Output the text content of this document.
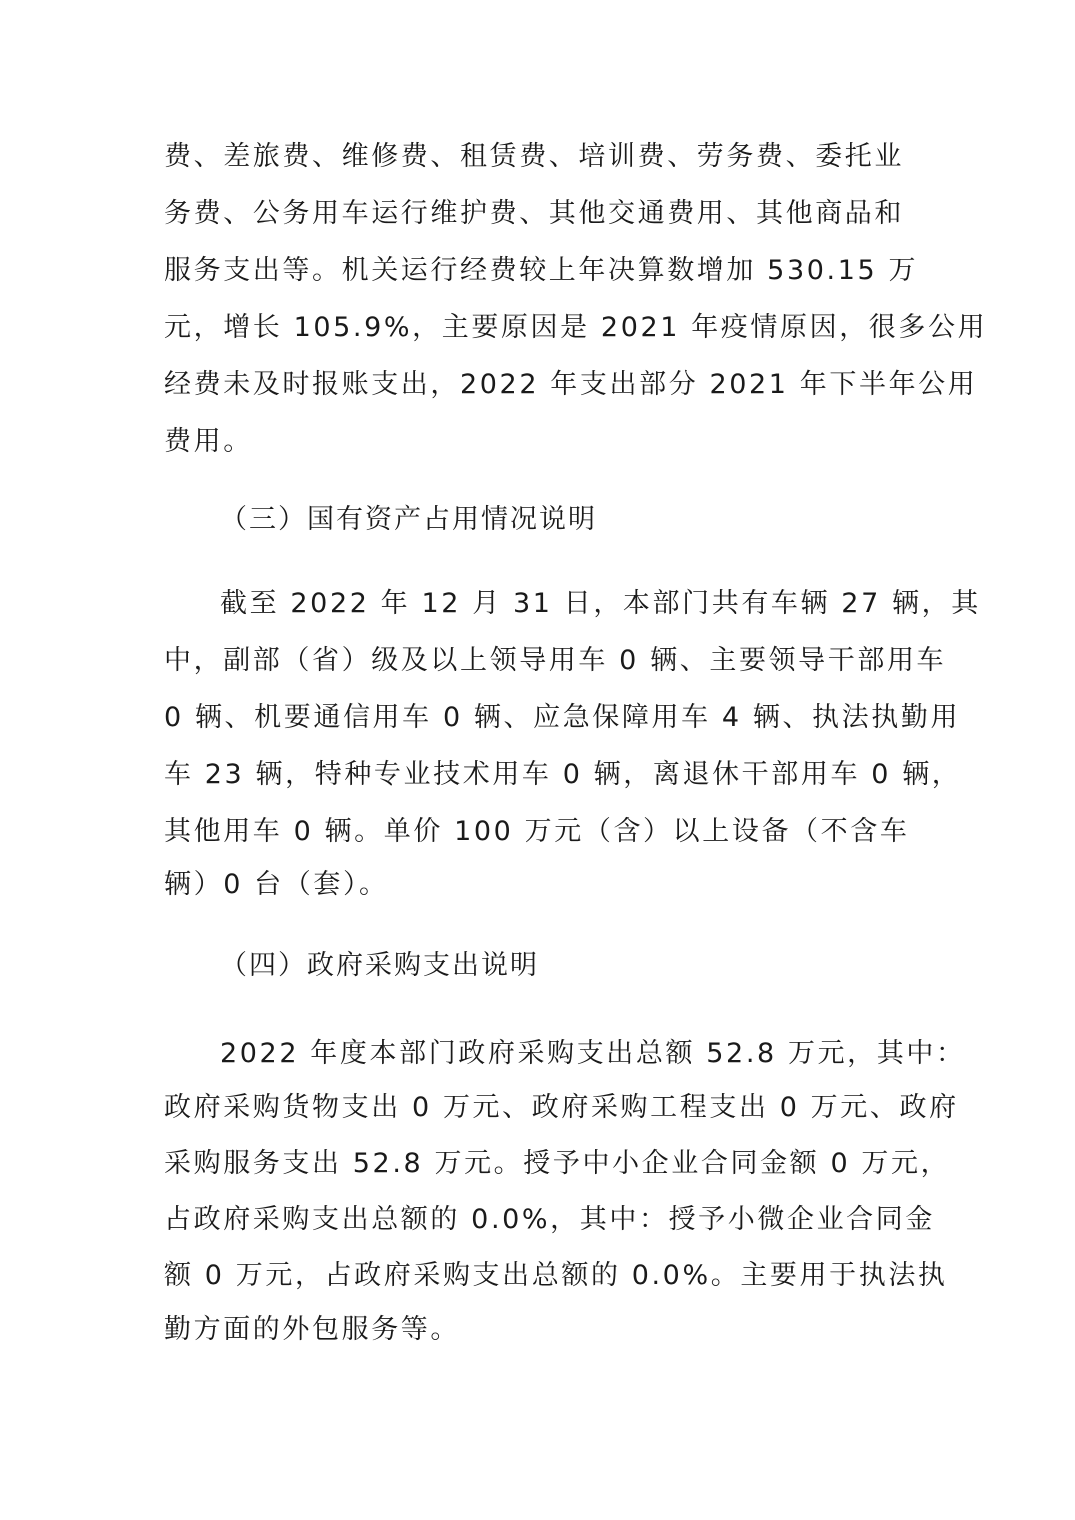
费、差旅费、维修费、租赁费、培训费、劳务费、委托业
务费、公务用车运行维护费、其他交通费用、其他商品和
服务支出等。机关运行经费较上年决算数增加 530.15 万
元，增长 105.9%，主要原因是 2021 年疫情原因，很多公用
经费未及时报账支出，2022 年支出部分 2021 年下半年公用
费用。
（三）国有资产占用情况说明
截至 2022 年 12 月 31 日，本部门共有车辆 27 辆，其
中，副部（省）级及以上领导用车 0 辆、主要领导干部用车
0 辆、机要通信用车 0 辆、应急保障用车 4 辆、执法执勤用
车 23 辆，特种专业技术用车 0 辆，离退休干部用车 0 辆，
其他用车 0 辆。单价 100 万元（含）以上设备（不含车
辆）0 台（套）。
（四）政府采购支出说明
2022 年度本部门政府采购支出总额 52.8 万元，其中：
政府采购货物支出 0 万元、政府采购工程支出 0 万元、政府
采购服务支出 52.8 万元。授予中小企业合同金额 0 万元，
占政府采购支出总额的 0.0%，其中：授予小微企业合同金
额 0 万元，占政府采购支出总额的 0.0%。主要用于执法执
勤方面的外包服务等。
